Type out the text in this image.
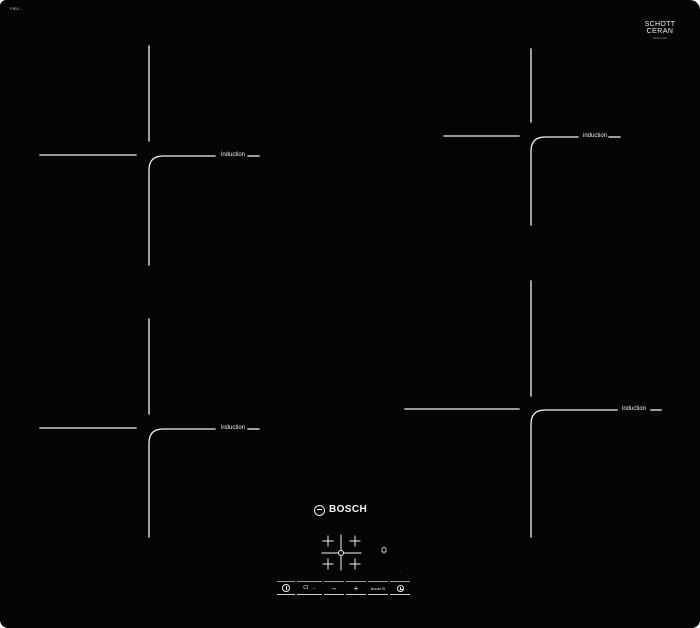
PIE6...
SCHOTT
CERAN
ceran.com
induction
induction
induction
induction
BOSCH
...
Cl  →	–	+	boost Θ
